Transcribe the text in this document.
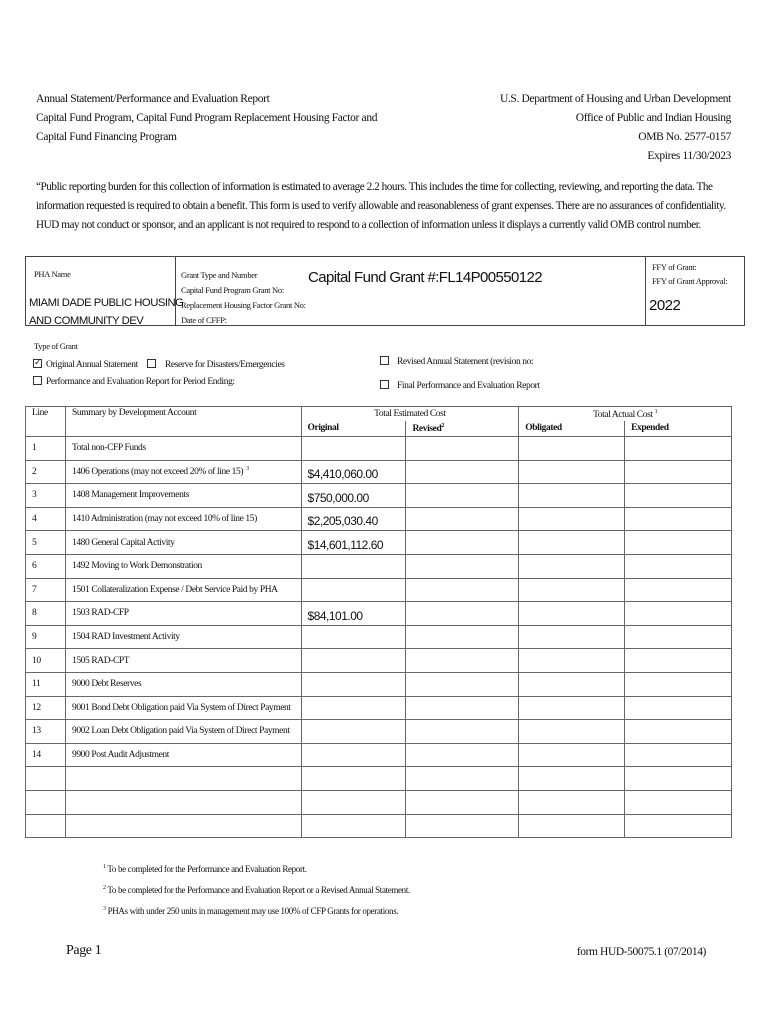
Annual Statement/Performance and Evaluation Report
Capital Fund Program, Capital Fund Program Replacement Housing Factor and
Capital Fund Financing Program
U.S. Department of Housing and Urban Development
Office of Public and Indian Housing
OMB No. 2577-0157
Expires 11/30/2023
“Public reporting burden for this collection of information is estimated to average 2.2 hours. This includes the time for collecting, reviewing, and reporting the data. The information requested is required to obtain a benefit. This form is used to verify allowable and reasonableness of grant expenses. There are no assurances of confidentiality. HUD may not conduct or sponsor, and an applicant is not required to respond to a collection of information unless it displays a currently valid OMB control number.
PHA Name
MIAMI DADE PUBLIC HOUSING
AND COMMUNITY DEV
Grant Type and Number
Capital Fund Program Grant No:
Replacement Housing Factor Grant No:
Date of CFFP:
Capital Fund Grant #:FL14P00550122
FFY of Grant:
FFY of Grant Approval:
2022
Type of Grant
✓ Original Annual Statement	Reserve for Disasters/Emergencies
Performance and Evaluation Report for Period Ending:
Revised Annual Statement (revision no:
Final Performance and Evaluation Report
Line	Summary by Development Account	Total Estimated Cost		Total Actual Cost $^1$
		Original	Revised$^2$	Obligated	Expended
1	Total non-CFP Funds				
2	1406 Operations (may not exceed 20% of line 15) $^3$	$4,410,060.00			
3	1408 Management Improvements	$750,000.00			
4	1410 Administration (may not exceed 10% of line 15)	$2,205,030.40			
5	1480 General Capital Activity	$14,601,112.60			
6	1492 Moving to Work Demonstration				
7	1501 Collateralization Expense / Debt Service Paid by PHA				
8	1503 RAD-CFP	$84,101.00			
9	1504 RAD Investment Activity				
10	1505 RAD-CPT				
11	9000 Debt Reserves				
12	9001 Bond Debt Obligation paid Via System of Direct Payment				
13	9002 Loan Debt Obligation paid Via System of Direct Payment				
14	9900 Post Audit Adjustment				

$^1$ To be completed for the Performance and Evaluation Report.
$^2$ To be completed for the Performance and Evaluation Report or a Revised Annual Statement.
$^3$ PHAs with under 250 units in management may use 100% of CFP Grants for operations.
Page 1	form HUD-50075.1 (07/2014)
